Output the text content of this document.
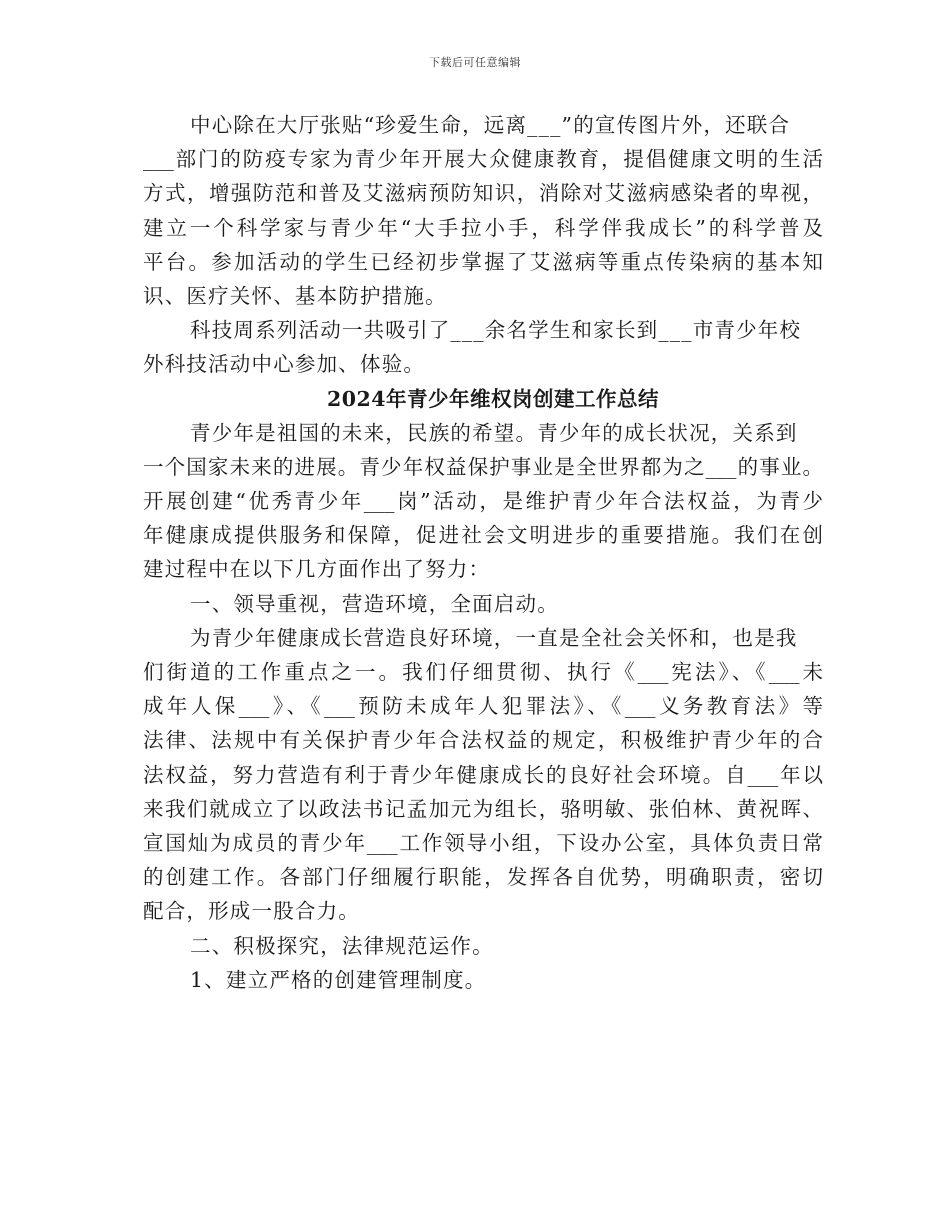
下载后可任意编辑
中心除在大厅张贴“珍爱生命，远离___”的宣传图片外，还联合
___部门的防疫专家为青少年开展大众健康教育，提倡健康文明的生活
方式，增强防范和普及艾滋病预防知识，消除对艾滋病感染者的卑视，
建立一个科学家与青少年“大手拉小手，科学伴我成长”的科学普及
平台。参加活动的学生已经初步掌握了艾滋病等重点传染病的基本知
识、医疗关怀、基本防护措施。
科技周系列活动一共吸引了___余名学生和家长到___市青少年校
外科技活动中心参加、体验。
2024年青少年维权岗创建工作总结
青少年是祖国的未来，民族的希望。青少年的成长状况，关系到
一个国家未来的进展。青少年权益保护事业是全世界都为之___的事业。
开展创建“优秀青少年___岗”活动，是维护青少年合法权益，为青少
年健康成提供服务和保障，促进社会文明进步的重要措施。我们在创
建过程中在以下几方面作出了努力：
一、领导重视，营造环境，全面启动。
为青少年健康成长营造良好环境，一直是全社会关怀和，也是我
们街道的工作重点之一。我们仔细贯彻、执行《___宪法》、《___未
成年人保___》、《___预防未成年人犯罪法》、《___义务教育法》等
法律、法规中有关保护青少年合法权益的规定，积极维护青少年的合
法权益，努力营造有利于青少年健康成长的良好社会环境。自___年以
来我们就成立了以政法书记孟加元为组长，骆明敏、张伯林、黄祝晖、
宣国灿为成员的青少年___工作领导小组，下设办公室，具体负责日常
的创建工作。各部门仔细履行职能，发挥各自优势，明确职责，密切
配合，形成一股合力。
二、积极探究，法律规范运作。
1、建立严格的创建管理制度。
